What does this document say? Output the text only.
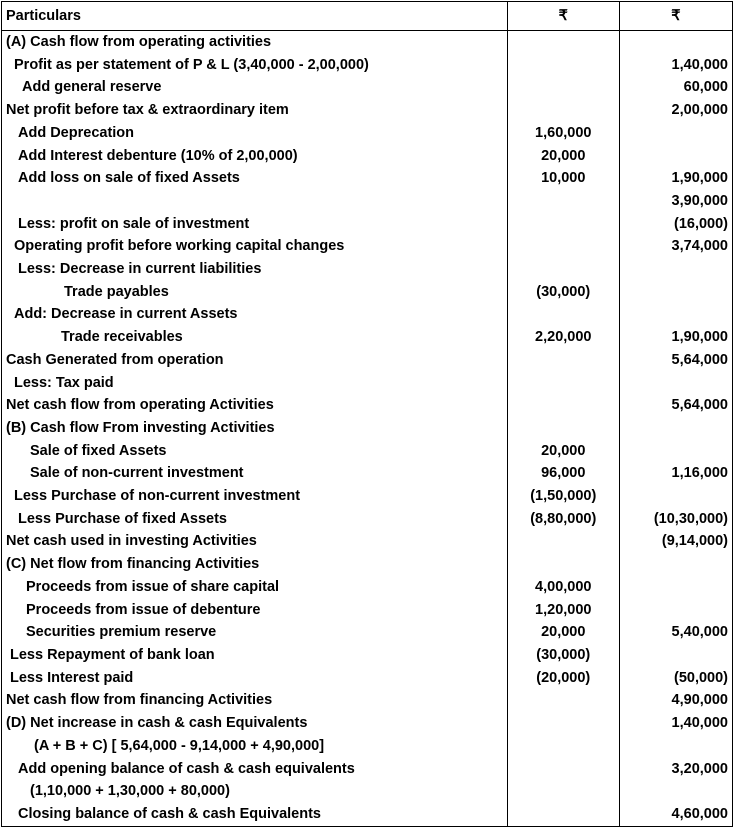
Particulars	₹	₹
(A) Cash flow from operating activities		
Profit as per statement of P & L (3,40,000 - 2,00,000)		1,40,000
Add general reserve		60,000
Net profit before tax & extraordinary item		2,00,000
Add Deprecation	1,60,000	
Add Interest debenture (10% of 2,00,000)	20,000	
Add loss on sale of fixed Assets	10,000	1,90,000
		3,90,000
Less: profit on sale of investment		(16,000)
Operating profit before working capital changes		3,74,000
Less: Decrease in current liabilities		
Trade payables	(30,000)	
Add: Decrease in current Assets		
Trade receivables	2,20,000	1,90,000
Cash Generated from operation		5,64,000
Less: Tax paid		
Net cash flow from operating Activities		5,64,000
(B) Cash flow From investing Activities		
Sale of fixed Assets	20,000	
Sale of non-current investment	96,000	1,16,000
Less Purchase of non-current investment	(1,50,000)	
Less Purchase of fixed Assets	(8,80,000)	(10,30,000)
Net cash used in investing Activities		(9,14,000)
(C) Net flow from financing Activities		
Proceeds from issue of share capital	4,00,000	
Proceeds from issue of debenture	1,20,000	
Securities premium reserve	20,000	5,40,000
Less Repayment of bank loan	(30,000)	
Less Interest paid	(20,000)	(50,000)
Net cash flow from financing Activities		4,90,000
(D) Net increase in cash & cash Equivalents		1,40,000
(A + B + C) [ 5,64,000 - 9,14,000 + 4,90,000]		
Add opening balance of cash & cash equivalents		3,20,000
(1,10,000 + 1,30,000 + 80,000)		
Closing balance of cash & cash Equivalents		4,60,000
